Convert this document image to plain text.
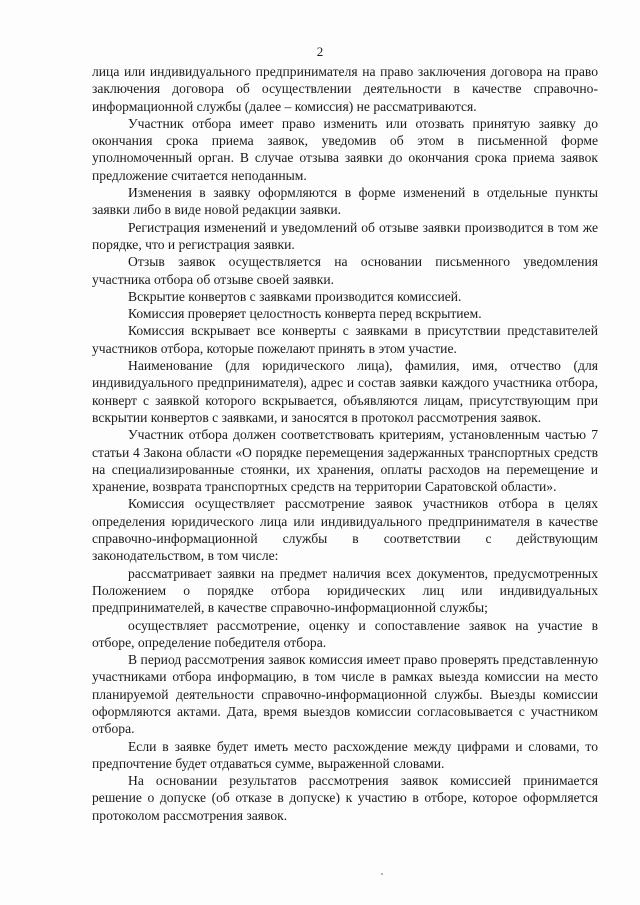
2

лица или индивидуального предпринимателя на право заключения договора на право заключения договора об осуществлении деятельности в качестве справочно-информационной службы (далее – комиссия) не рассматриваются.

Участник отбора имеет право изменить или отозвать принятую заявку до окончания срока приема заявок, уведомив об этом в письменной форме уполномоченный орган. В случае отзыва заявки до окончания срока приема заявок предложение считается неподанным.

Изменения в заявку оформляются в форме изменений в отдельные пункты заявки либо в виде новой редакции заявки.

Регистрация изменений и уведомлений об отзыве заявки производится в том же порядке, что и регистрация заявки.

Отзыв заявок осуществляется на основании письменного уведомления участника отбора об отзыве своей заявки.

Вскрытие конвертов с заявками производится комиссией.

Комиссия проверяет целостность конверта перед вскрытием.

Комиссия вскрывает все конверты с заявками в присутствии представителей участников отбора, которые пожелают принять в этом участие.

Наименование (для юридического лица), фамилия, имя, отчество (для индивидуального предпринимателя), адрес и состав заявки каждого участника отбора, конверт с заявкой которого вскрывается, объявляются лицам, присутствующим при вскрытии конвертов с заявками, и заносятся в протокол рассмотрения заявок.

Участник отбора должен соответствовать критериям, установленным частью 7 статьи 4 Закона области «О порядке перемещения задержанных транспортных средств на специализированные стоянки, их хранения, оплаты расходов на перемещение и хранение, возврата транспортных средств на территории Саратовской области».

Комиссия осуществляет рассмотрение заявок участников отбора в целях определения юридического лица или индивидуального предпринимателя в качестве справочно-информационной службы в соответствии с действующим законодательством, в том числе:

рассматривает заявки на предмет наличия всех документов, предусмотренных Положением о порядке отбора юридических лиц или индивидуальных предпринимателей, в качестве справочно-информационной службы;

осуществляет рассмотрение, оценку и сопоставление заявок на участие в отборе, определение победителя отбора.

В период рассмотрения заявок комиссия имеет право проверять представленную участниками отбора информацию, в том числе в рамках выезда комиссии на место планируемой деятельности справочно-информационной службы. Выезды комиссии оформляются актами. Дата, время выездов комиссии согласовывается с участником отбора.

Если в заявке будет иметь место расхождение между цифрами и словами, то предпочтение будет отдаваться сумме, выраженной словами.

На основании результатов рассмотрения заявок комиссией принимается решение о допуске (об отказе в допуске) к участию в отборе, которое оформляется протоколом рассмотрения заявок.
